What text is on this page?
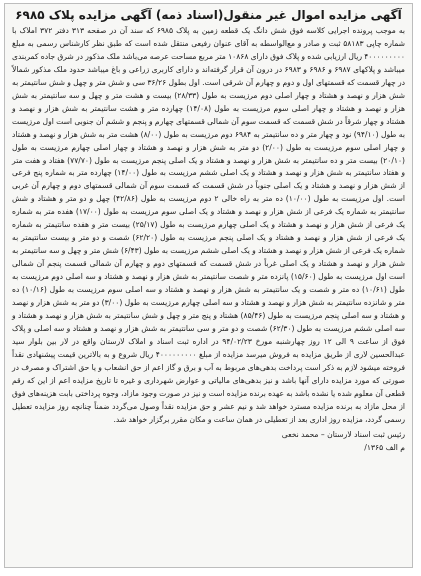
آگهی مزایده اموال غیر منقول(اسناد ذمه) آگهی مزایده پلاک ۶۹۸۵

به موجب پرونده اجرایی کلاسه فوق شش دانگ یک قطعه زمین به پلاک ۶۹۸۵ که سند آن در صفحه ۳۱۳ دفتر ۳۷۲ املاک با شماره چاپی ۵۸۱۸۳ ثبت و صادر و مع‌الواسطه به آقای عنوان رفیعی منتقل شده است که طبق نظر کارشناس رسمی به مبلغ ۴۰۰۰۰۰۰۰۰۰ ریال ارزیابی شده و پلاک فوق دارای ۱۰۸۶۸ متر مربع مساحت عرصه می‌باشد ملک مذکور در شرق جاده کمربندی میباشد و پلاکهای ۶۹۸۷ و ۶۹۸۶ و ۶۹۸۳ در درون آن قرار گرفته‌اند و دارای کاربری زراعی و باغ میباشد حدود ملک مذکور شمالاً در چهار قسمت که قسمتهای اول و دوم و چهارم آن شرقی است. اول بطول ۳۶/۲۶ سی و شش متر و چهل و شش سانتیمتر به شش هزار و نهصد و هشتاد و چهار اصلی دوم مرزیست به طول (۲۸/۳۳) بیست و هشت متر و چهل و سه سانتیمتر به شش هزار و نهصد و هشتاد و چهار اصلی سوم مرزیست به طول (۱۴/۰۸) چهارده متر و هشت سانتیمتر به شش هزار و نهصد و هشتاد و چهار شرقاً در شش قسمت که قسمت سوم آن شمالی قسمتهای چهارم و پنجم و ششم آن جنوبی است اول مرزیست به طول (۹۴/۱۰) نود و چهار متر و ده سانتیمتر به ۶۹۸۴ دوم مرزیست به طول (۸/۰۰) هشت متر به شش هزار و نهصد و هشتاد و چهار اصلی سوم مرزیست به طول (۲/۰۰) دو متر به شش هزار و نهصد و هشتاد و چهار اصلی چهارم مرزیست به طول (۲۰/۱۰) بیست متر و ده سانتیمتر به شش هزار و نهصد و هشتاد و یک اصلی پنجم مرزیست به طول (۷۷/۷۰) هفتاد و هفت متر و هفتاد سانتیمتر به شش هزار و نهصد و هشتاد و یک اصلی ششم مرزیست به طول (۱۴/۰۰) چهارده متر به شماره پنج فرعی از شش هزار و نهصد و هشتاد و یک اصلی جنوباً در شش قسمت که قسمت سوم آن شمالی قسمتهای دوم و چهارم آن غربی است. اول مرزیست به طول (۱۰/۰۰) ده متر به راه خالی ۲ دوم مرزیست به طول (۴۲/۸۶) چهل و دو متر و هشتاد و شش سانتیمتر به شماره یک فرعی از شش هزار و نهصد و هشتاد و یک اصلی سوم مرزیست به طول (۱۷/۰۰) هفده متر به شماره یک فرعی از شش هزار و نهصد و هشتاد و یک اصلی چهارم مرزیست به طول (۲۵/۱۷) بیست متر و هفده سانتیمتر به شماره یک فرعی از شش هزار و نهصد و هشتاد و یک اصلی پنجم مرزیست به طول (۶۲/۲۰) شصت و دو متر و بیست سانتیمتر به شماره یک فرعی از شش هزار و نهصد و هشتاد و یک اصلی ششم مرزیست به طول (۶/۴۳) شش متر و چهل و سه سانتیمتر به شش هزار و نهصد و هشتاد و یک اصلی غرباً در شش قسمت که قسمتهای دوم و چهارم آن شمالی قسمت پنجم آن شمالی است اول مرزیست به طول (۱۵/۶۰) پانزده متر و شصت سانتیمتر به شش هزار و نهصد و هشتاد و سه اصلی دوم مرزیست به طول (۱۰/۶۱) ده متر و شصت و یک سانتیمتر به شش هزار و نهصد و هشتاد و سه اصلی سوم مرزیست به طول (۱۰/۱۶) ده متر و شانزده سانتیمتر به شش هزار و نهصد و هشتاد و سه اصلی چهارم مرزیست به طول (۳/۰۰) دو متر به شش هزار و نهصد و هشتاد و سه اصلی پنجم مرزیست به طول (۸۵/۴۶) هشتاد و پنج متر و چهل و شش سانتیمتر به شش هزار و نهصد و هشتاد و سه اصلی ششم مرزیست به طول (۶۲/۳۰) شصت و دو متر و سی سانتیمتر به شش هزار و نهصد و هشتاد و سه اصلی و پلاک فوق از ساعت ۹ الی ۱۲ روز چهارشنبه مورخ ۹۴/۰۲/۲۳ در اداره ثبت اسناد و املاک لارستان واقع در لار بین بلوار سید عبدالحسین لاری از طریق مزایده به فروش میرسد مزایده از مبلغ ۴۰۰۰۰۰۰۰۰۰ ریال شروع و به بالاترین قیمت پیشنهادی نقداً فروخته میشود لازم به ذکر است پرداخت بدهی‌های مربوط به آب و برق و گاز اعم از حق انشعاب و یا حق اشتراک و مصرف در صورتی که مورد مزایده دارای آنها باشد و نیز بدهی‌های مالیاتی و عوارض شهرداری و غیره تا تاریخ مزایده اعم از این که رقم قطعی آن معلوم شده یا نشده باشد به عهده برنده مزایده است و نیز در صورت وجود مازاد، وجوه پرداختی بابت هزینه‌های فوق از محل مازاد به برنده مزایده مسترد خواهد شد و نیم عشر و حق مزایده نقداً وصول می‌گردد ضمناً چنانچه روز مزایده تعطیل رسمی گردد، مزایده روز اداری بعد از تعطیلی در همان ساعت و مکان مقرر برگزار خواهد شد.

رئیس ثبت اسناد لارستان – محمد نخعی
م الف ۱۳۶۵/
